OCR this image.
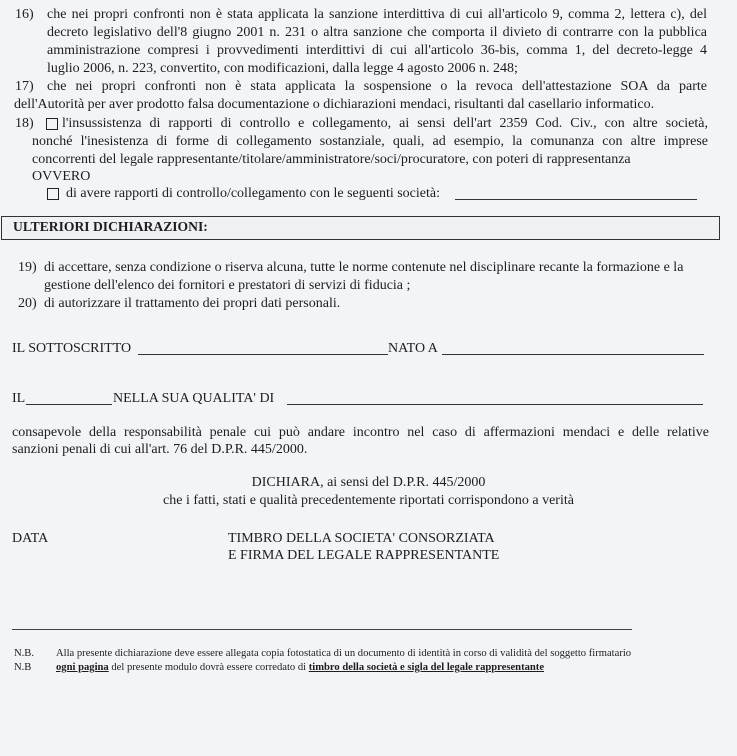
16) che nei propri confronti non è stata applicata la sanzione interdittiva di cui all'articolo 9, comma 2, lettera c), del
decreto legislativo dell'8 giugno 2001 n. 231 o altra sanzione che comporta il divieto di contrarre con la pubblica
amministrazione compresi i provvedimenti interdittivi di cui all'articolo 36-bis, comma 1, del decreto-legge 4
luglio 2006, n. 223, convertito, con modificazioni, dalla legge 4 agosto 2006 n. 248;
17) che nei propri confronti non è stata applicata la sospensione o la revoca dell'attestazione SOA da parte
dell'Autorità per aver prodotto falsa documentazione o dichiarazioni mendaci, risultanti dal casellario informatico.
18) l'insussistenza di rapporti di controllo e collegamento, ai sensi dell'art 2359 Cod. Civ., con altre società,
nonché l'inesistenza di forme di collegamento sostanziale, quali, ad esempio, la comunanza con altre imprese
concorrenti del legale rappresentante/titolare/amministratore/soci/procuratore, con poteri di rappresentanza
OVVERO
di avere rapporti di controllo/collegamento con le seguenti società:
ULTERIORI DICHIARAZIONI:
19) di accettare, senza condizione o riserva alcuna, tutte le norme contenute nel disciplinare recante la formazione e la
gestione dell'elenco dei fornitori e prestatori di servizi di fiducia ;
20) di autorizzare il trattamento dei propri dati personali.
IL SOTTOSCRITTO	NATO A
IL	NELLA SUA QUALITA' DI
consapevole della responsabilità penale cui può andare incontro nel caso di affermazioni mendaci e delle relative
sanzioni penali di cui all'art. 76 del D.P.R. 445/2000.
DICHIARA, ai sensi del D.P.R. 445/2000
che i fatti, stati e qualità precedentemente riportati corrispondono a verità
DATA	TIMBRO DELLA SOCIETA' CONSORZIATA
E FIRMA DEL LEGALE RAPPRESENTANTE
N.B. Alla presente dichiarazione deve essere allegata copia fotostatica di un documento di identità in corso di validità del soggetto firmatario
N.B ogni pagina del presente modulo dovrà essere corredato di timbro della società e sigla del legale rappresentante
